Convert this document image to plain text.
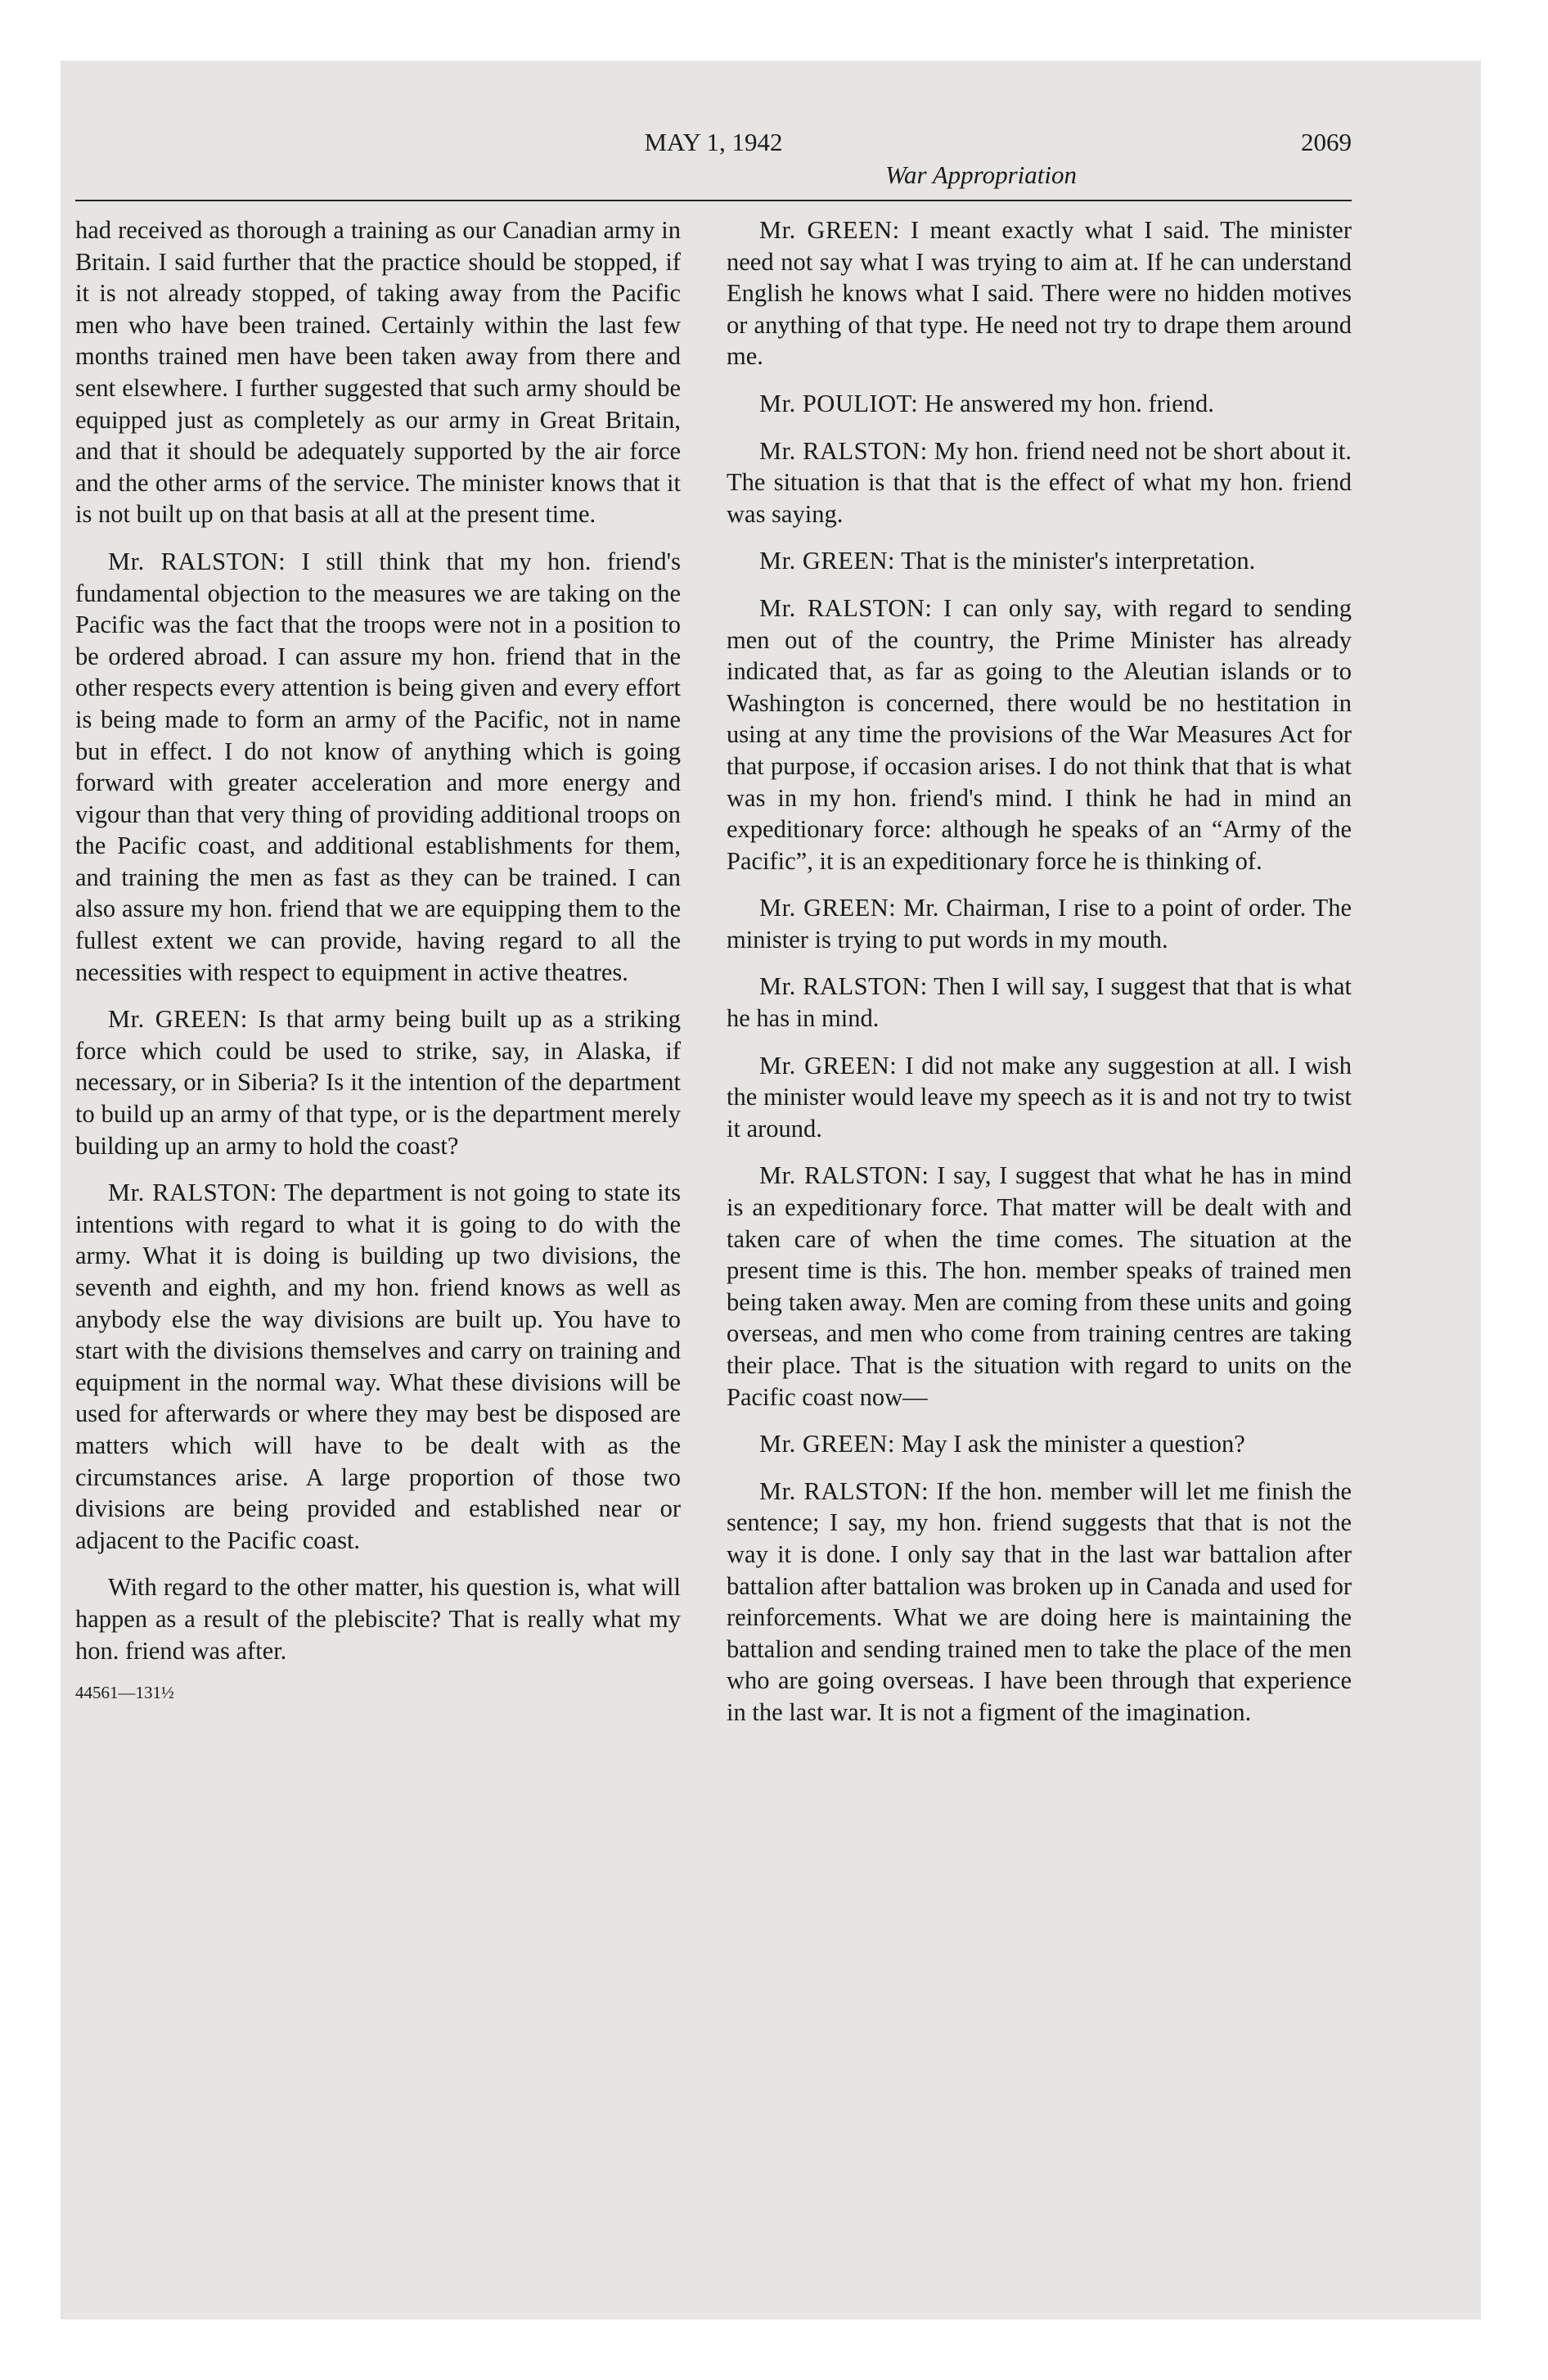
MAY 1, 1942	2069
War Appropriation

had received as thorough a training as our Canadian army in Britain. I said further that the practice should be stopped, if it is not already stopped, of taking away from the Pacific men who have been trained. Certainly within the last few months trained men have been taken away from there and sent elsewhere. I further suggested that such army should be equipped just as completely as our army in Great Britain, and that it should be adequately supported by the air force and the other arms of the service. The minister knows that it is not built up on that basis at all at the present time.

Mr. RALSTON: I still think that my hon. friend's fundamental objection to the measures we are taking on the Pacific was the fact that the troops were not in a position to be ordered abroad. I can assure my hon. friend that in the other respects every attention is being given and every effort is being made to form an army of the Pacific, not in name but in effect. I do not know of anything which is going forward with greater acceleration and more energy and vigour than that very thing of providing additional troops on the Pacific coast, and additional establishments for them, and training the men as fast as they can be trained. I can also assure my hon. friend that we are equipping them to the fullest extent we can provide, having regard to all the necessities with respect to equipment in active theatres.

Mr. GREEN: Is that army being built up as a striking force which could be used to strike, say, in Alaska, if necessary, or in Siberia? Is it the intention of the department to build up an army of that type, or is the department merely building up an army to hold the coast?

Mr. RALSTON: The department is not going to state its intentions with regard to what it is going to do with the army. What it is doing is building up two divisions, the seventh and eighth, and my hon. friend knows as well as anybody else the way divisions are built up. You have to start with the divisions themselves and carry on training and equipment in the normal way. What these divisions will be used for afterwards or where they may best be disposed are matters which will have to be dealt with as the circumstances arise. A large proportion of those two divisions are being provided and established near or adjacent to the Pacific coast.

With regard to the other matter, his question is, what will happen as a result of the plebiscite? That is really what my hon. friend was after.

44561—131½

Mr. GREEN: I meant exactly what I said. The minister need not say what I was trying to aim at. If he can understand English he knows what I said. There were no hidden motives or anything of that type. He need not try to drape them around me.

Mr. POULIOT: He answered my hon. friend.

Mr. RALSTON: My hon. friend need not be short about it. The situation is that that is the effect of what my hon. friend was saying.

Mr. GREEN: That is the minister's interpretation.

Mr. RALSTON: I can only say, with regard to sending men out of the country, the Prime Minister has already indicated that, as far as going to the Aleutian islands or to Washington is concerned, there would be no hestitation in using at any time the provisions of the War Measures Act for that purpose, if occasion arises. I do not think that that is what was in my hon. friend's mind. I think he had in mind an expeditionary force: although he speaks of an “Army of the Pacific”, it is an expeditionary force he is thinking of.

Mr. GREEN: Mr. Chairman, I rise to a point of order. The minister is trying to put words in my mouth.

Mr. RALSTON: Then I will say, I suggest that that is what he has in mind.

Mr. GREEN: I did not make any suggestion at all. I wish the minister would leave my speech as it is and not try to twist it around.

Mr. RALSTON: I say, I suggest that what he has in mind is an expeditionary force. That matter will be dealt with and taken care of when the time comes. The situation at the present time is this. The hon. member speaks of trained men being taken away. Men are coming from these units and going overseas, and men who come from training centres are taking their place. That is the situation with regard to units on the Pacific coast now—

Mr. GREEN: May I ask the minister a question?

Mr. RALSTON: If the hon. member will let me finish the sentence; I say, my hon. friend suggests that that is not the way it is done. I only say that in the last war battalion after battalion after battalion was broken up in Canada and used for reinforcements. What we are doing here is maintaining the battalion and sending trained men to take the place of the men who are going overseas. I have been through that experience in the last war. It is not a figment of the imagination.
